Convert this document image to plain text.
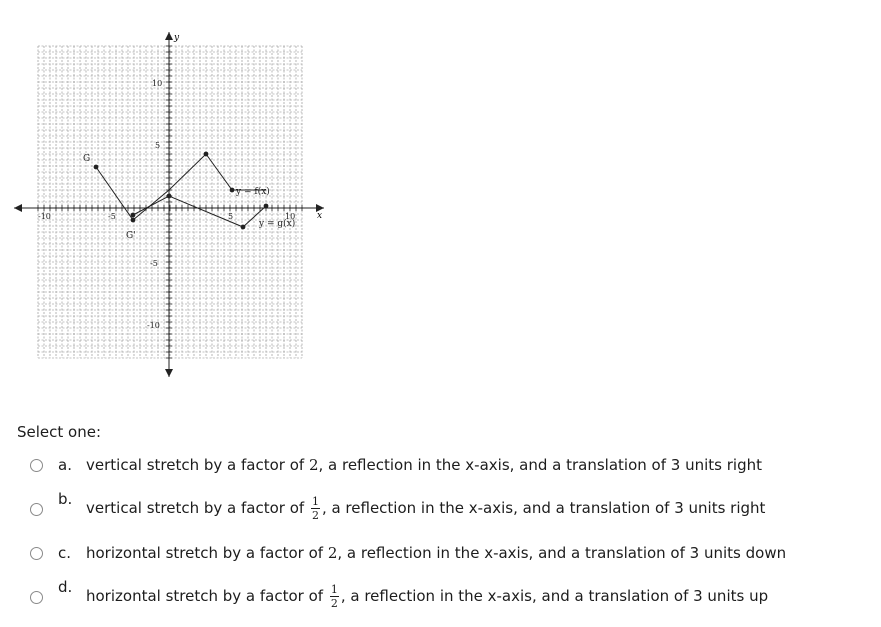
y
x
10
5
-5
-10
-10	-5	5	10
G
G'
y = f(x)
y = g(x)
Select one:
a. vertical stretch by a factor of 2, a reflection in the x-axis, and a translation of 3 units right
b. vertical stretch by a factor of $\frac{1}{2}$ , a reflection in the x-axis, and a translation of 3 units right
c. horizontal stretch by a factor of 2, a reflection in the x-axis, and a translation of 3 units down
d. horizontal stretch by a factor of $\frac{1}{2}$ , a reflection in the x-axis, and a translation of 3 units up
